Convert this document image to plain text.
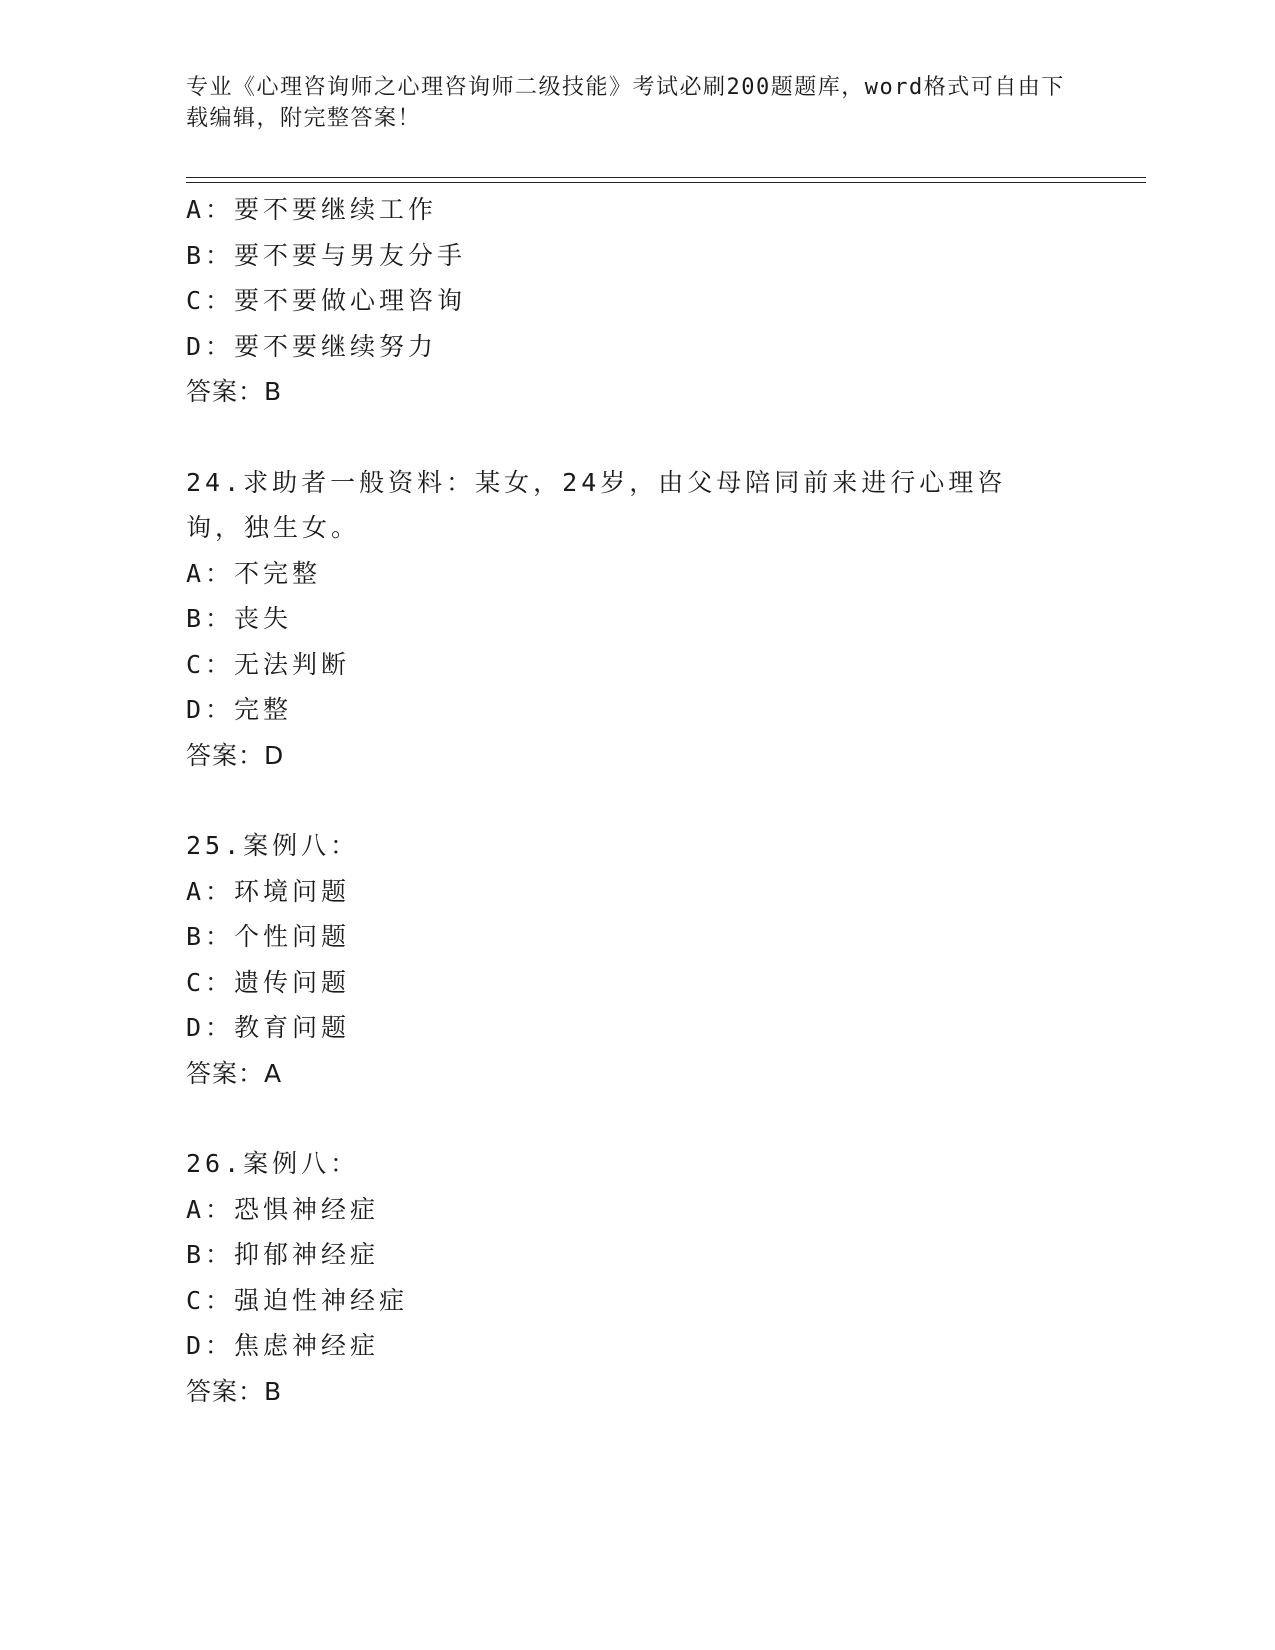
专业《心理咨询师之心理咨询师二级技能》考试必刷200题题库，word格式可自由下载编辑，附完整答案！
A：要不要继续工作
B：要不要与男友分手
C：要不要做心理咨询
D：要不要继续努力
答案：B
24.求助者一般资料：某女，24岁，由父母陪同前来进行心理咨询，独生女。
A：不完整
B：丧失
C：无法判断
D：完整
答案：D
25.案例八：
A：环境问题
B：个性问题
C：遗传问题
D：教育问题
答案：A
26.案例八：
A：恐惧神经症
B：抑郁神经症
C：强迫性神经症
D：焦虑神经症
答案：B
